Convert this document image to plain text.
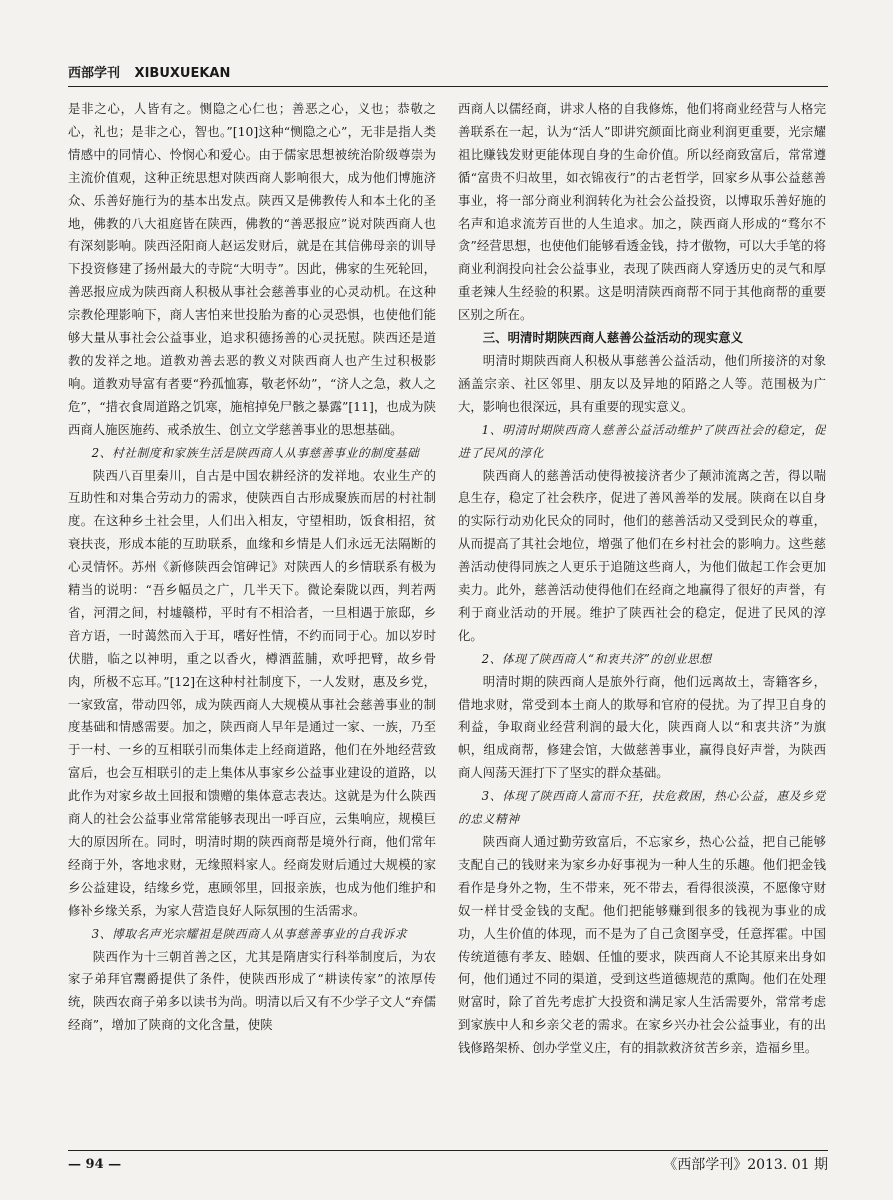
西部学刊 XIBUXUEKAN

是非之心，人皆有之。恻隐之心仁也；善恶之心，义也；恭敬之心，礼也；是非之心，智也。”[10]这种“恻隐之心”，无非是指人类情感中的同情心、怜悯心和爱心。由于儒家思想被统治阶级尊崇为主流价值观，这种正统思想对陕西商人影响很大，成为他们博施济众、乐善好施行为的基本出发点。陕西又是佛教传人和本土化的圣地，佛教的八大祖庭皆在陕西，佛教的“善恶报应”说对陕西商人也有深刻影响。陕西泾阳商人赵运发财后，就是在其信佛母亲的训导下投资修建了扬州最大的寺院“大明寺”。因此，佛家的生死轮回，善恶报应成为陕西商人积极从事社会慈善事业的心灵动机。在这种宗教伦理影响下，商人害怕来世投胎为畜的心灵恐惧，也使他们能够大量从事社会公益事业，追求积德扬善的心灵抚慰。陕西还是道教的发祥之地。道教劝善去恶的教义对陕西商人也产生过积极影响。道教劝导富有者要“矜孤恤寡，敬老怀幼”，“济人之急，救人之危”，“措衣食周道路之饥寒，施棺掉免尸骸之暴露”[11]，也成为陕西商人施医施药、戒杀放生、创立文学慈善事业的思想基础。

2、村社制度和家族生活是陕西商人从事慈善事业的制度基础

陕西八百里秦川，自古是中国农耕经济的发祥地。农业生产的互助性和对集合劳动力的需求，使陕西自古形成聚族而居的村社制度。在这种乡土社会里，人们出入相友，守望相助，饭食相招，贫衰扶丧，形成本能的互助联系，血缘和乡情是人们永远无法隔断的心灵情怀。苏州《新修陕西会馆碑记》对陕西人的乡情联系有极为精当的说明：“吾乡幅员之广，几半天下。微论秦陇以西，判若两省，河渭之间，村墟赣栉，平时有不相洽者，一旦相遇于旅邸，乡音方语，一时蔼然而入于耳，嗜好性情，不约而同于心。加以岁时伏腊，临之以神明，重之以香火，樽酒蓝脯，欢呼把臂，故乡骨肉，所极不忘耳。”[12]在这种村社制度下，一人发财，惠及乡党，一家致富，带动四邻，成为陕西商人大规模从事社会慈善事业的制度基础和情感需要。加之，陕西商人早年是通过一家、一族，乃至于一村、一乡的互相联引而集体走上经商道路，他们在外地经营致富后，也会互相联引的走上集体从事家乡公益事业建设的道路，以此作为对家乡故土回报和馈赠的集体意志表达。这就是为什么陕西商人的社会公益事业常常能够表现出一呼百应，云集响应，规模巨大的原因所在。同时，明清时期的陕西商帮是境外行商，他们常年经商于外，客地求财，无缘照料家人。经商发财后通过大规模的家乡公益建设，结缘乡党，惠顾邻里，回报亲族，也成为他们维护和修补乡缘关系，为家人营造良好人际氛围的生活需求。

3、博取名声光宗耀祖是陕西商人从事慈善事业的自我诉求

陕西作为十三朝首善之区，尤其是隋唐实行科举制度后，为农家子弟拜官鬻爵提供了条件，使陕西形成了“耕读传家”的浓厚传统，陕西农商子弟多以读书为尚。明清以后又有不少学子文人“弃儒经商”，增加了陕商的文化含量，使陕

西商人以儒经商，讲求人格的自我修炼，他们将商业经营与人格完善联系在一起，认为“活人”即讲究颜面比商业利润更重要，光宗耀祖比赚钱发财更能体现自身的生命价值。所以经商致富后，常常遵循“富贵不归故里，如衣锦夜行”的古老哲学，回家乡从事公益慈善事业，将一部分商业利润转化为社会公益投资，以博取乐善好施的名声和追求流芳百世的人生追求。加之，陕西商人形成的“骛尔不贪”经营思想，也使他们能够看透金钱，持才傲物，可以大手笔的将商业利润投向社会公益事业，表现了陕西商人穿透历史的灵气和厚重老辣人生经验的积累。这是明清陕西商帮不同于其他商帮的重要区别之所在。

三、明清时期陕西商人慈善公益活动的现实意义

明清时期陕西商人积极从事慈善公益活动，他们所接济的对象涵盖宗亲、社区邻里、朋友以及异地的陌路之人等。范围极为广大，影响也很深远，具有重要的现实意义。

1、明清时期陕西商人慈善公益活动维护了陕西社会的稳定，促进了民风的淳化

陕西商人的慈善活动使得被接济者少了颠沛流离之苦，得以喘息生存，稳定了社会秩序，促进了善风善举的发展。陕商在以自身的实际行动劝化民众的同时，他们的慈善活动又受到民众的尊重，从而提高了其社会地位，增强了他们在乡村社会的影响力。这些慈善活动使得同族之人更乐于追随这些商人，为他们做起工作会更加卖力。此外，慈善活动使得他们在经商之地赢得了很好的声誉，有利于商业活动的开展。维护了陕西社会的稳定，促进了民风的淳化。

2、体现了陕西商人“和衷共济”的创业思想

明清时期的陕西商人是旅外行商，他们远离故土，寄籍客乡，借地求财，常受到本土商人的欺辱和官府的侵扰。为了捍卫自身的利益，争取商业经营利润的最大化，陕西商人以“和衷共济”为旗帜，组成商帮，修建会馆，大做慈善事业，赢得良好声誉，为陕西商人闯荡天涯打下了坚实的群众基础。

3、体现了陕西商人富而不狂，扶危救困，热心公益，惠及乡党的忠义精神

陕西商人通过勤劳致富后，不忘家乡，热心公益，把自己能够支配自己的钱财来为家乡办好事视为一种人生的乐趣。他们把金钱看作是身外之物，生不带来，死不带去，看得很淡漠，不愿像守财奴一样甘受金钱的支配。他们把能够赚到很多的钱视为事业的成功，人生价值的体现，而不是为了自己贪图享受，任意挥霍。中国传统道德有孝友、睦姻、任恤的要求，陕西商人不论其原来出身如何，他们通过不同的渠道，受到这些道德规范的熏陶。他们在处理财富时，除了首先考虑扩大投资和满足家人生活需要外，常常考虑到家族中人和乡亲父老的需求。在家乡兴办社会公益事业，有的出钱修路架桥、创办学堂义庄，有的捐款救济贫苦乡亲，造福乡里。

— 94 —	《西部学刊》2013. 01 期
